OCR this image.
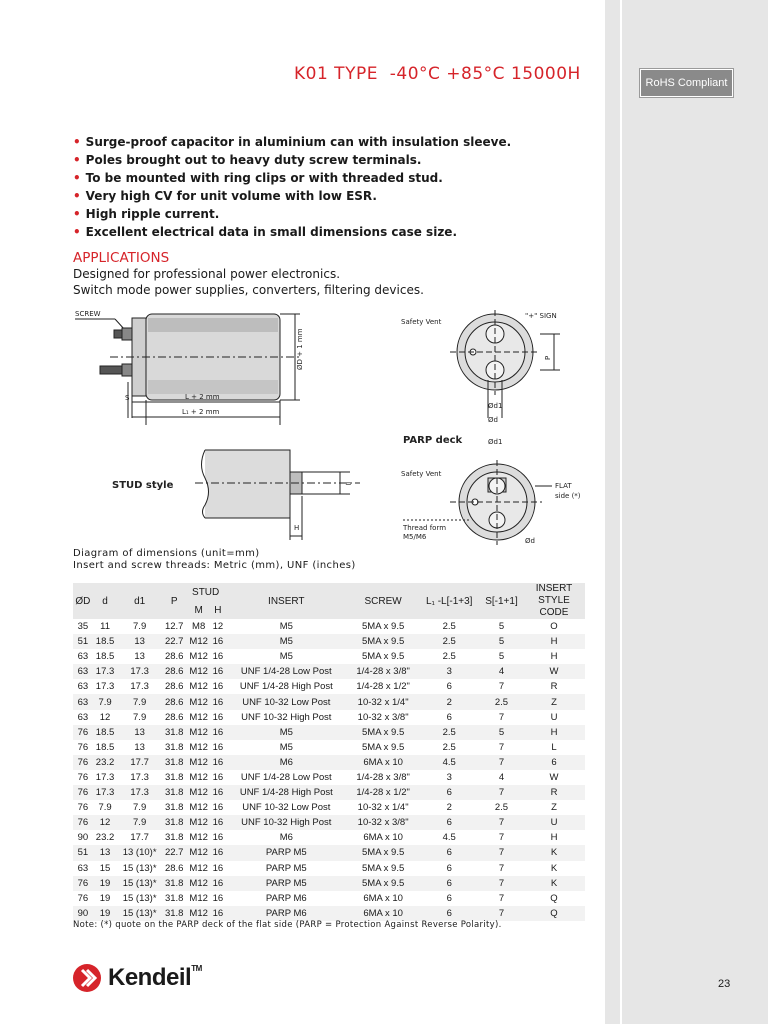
RoHS Compliant
K01 TYPE  -40°C +85°C 15000H
• Surge-proof capacitor in aluminium can with insulation sleeve.
• Poles brought out to heavy duty screw terminals.
• To be mounted with ring clips or with threaded stud.
• Very high CV for unit volume with low ESR.
• High ripple current.
• Excellent electrical data in small dimensions case size.
APPLICATIONS
Designed for professional power electronics.
Switch mode power supplies, converters, filtering devices.
SCREW
ØD + 1 mm
S	L + 2 mm
L₁ + 2 mm
STUD style	=
H
Safety Vent
"+" SIGN
P
Ød1
Ød
PARP deck	Ød1
Safety Vent
FLAT
side (*)
Thread form
M5/M6	Ød
Diagram of dimensions (unit=mm)
Insert and screw threads: Metric (mm), UNF (inches)
ØD	d	d1	P	STUD		INSERT	SCREW	L₁ -L[-1+3]	S[-1+1]	INSERT STYLE CODE
				M	H					
35	11	7.9	12.7	M8	12	M5	5MA x 9.5	2.5	5	O
51	18.5	13	22.7	M12	16	M5	5MA x 9.5	2.5	5	H
63	18.5	13	28.6	M12	16	M5	5MA x 9.5	2.5	5	H
63	17.3	17.3	28.6	M12	16	UNF 1/4-28 Low Post	1/4-28 x 3/8"	3	4	W
63	17.3	17.3	28.6	M12	16	UNF 1/4-28 High Post	1/4-28 x 1/2"	6	7	R
63	7.9	7.9	28.6	M12	16	UNF 10-32 Low Post	10-32 x 1/4"	2	2.5	Z
63	12	7.9	28.6	M12	16	UNF 10-32 High Post	10-32 x 3/8"	6	7	U
76	18.5	13	31.8	M12	16	M5	5MA x 9.5	2.5	5	H
76	18.5	13	31.8	M12	16	M5	5MA x 9.5	2.5	7	L
76	23.2	17.7	31.8	M12	16	M6	6MA x 10	4.5	7	6
76	17.3	17.3	31.8	M12	16	UNF 1/4-28 Low Post	1/4-28 x 3/8"	3	4	W
76	17.3	17.3	31.8	M12	16	UNF 1/4-28 High Post	1/4-28 x 1/2"	6	7	R
76	7.9	7.9	31.8	M12	16	UNF 10-32 Low Post	10-32 x 1/4"	2	2.5	Z
76	12	7.9	31.8	M12	16	UNF 10-32 High Post	10-32 x 3/8"	6	7	U
90	23.2	17.7	31.8	M12	16	M6	6MA x 10	4.5	7	H
51	13	13 (10)*	22.7	M12	16	PARP M5	5MA x 9.5	6	7	K
63	15	15 (13)*	28.6	M12	16	PARP M5	5MA x 9.5	6	7	K
76	19	15 (13)*	31.8	M12	16	PARP M5	5MA x 9.5	6	7	K
76	19	15 (13)*	31.8	M12	16	PARP M6	6MA x 10	6	7	Q
90	19	15 (13)*	31.8	M12	16	PARP M6	6MA x 10	6	7	Q
Note: (*) quote on the PARP deck of the flat side (PARP = Protection Against Reverse Polarity).
Kendeil™
23
